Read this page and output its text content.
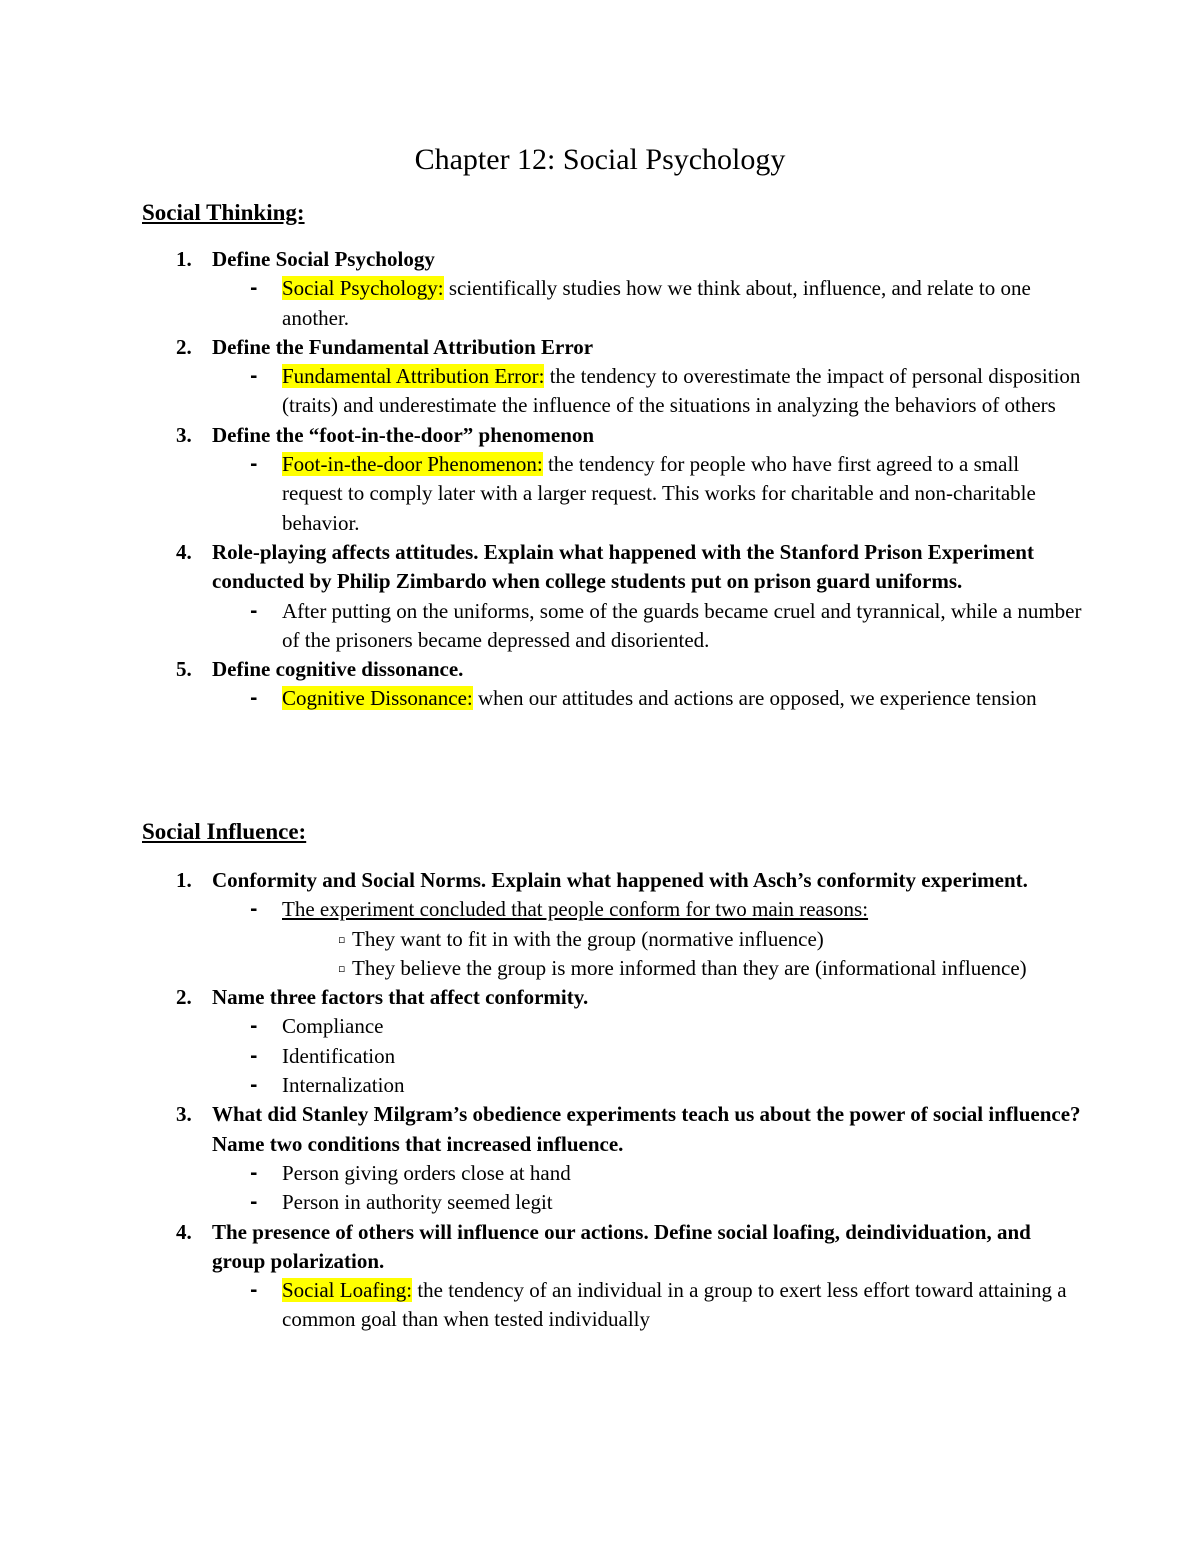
Chapter 12: Social Psychology
Social Thinking:
1. Define Social Psychology
- Social Psychology: scientifically studies how we think about, influence, and relate to one another.
2. Define the Fundamental Attribution Error
- Fundamental Attribution Error: the tendency to overestimate the impact of personal disposition (traits) and underestimate the influence of the situations in analyzing the behaviors of others
3. Define the “foot-in-the-door” phenomenon
- Foot-in-the-door Phenomenon: the tendency for people who have first agreed to a small request to comply later with a larger request. This works for charitable and non-charitable behavior.
4. Role-playing affects attitudes. Explain what happened with the Stanford Prison Experiment conducted by Philip Zimbardo when college students put on prison guard uniforms.
- After putting on the uniforms, some of the guards became cruel and tyrannical, while a number of the prisoners became depressed and disoriented.
5. Define cognitive dissonance.
- Cognitive Dissonance: when our attitudes and actions are opposed, we experience tension
Social Influence:
1. Conformity and Social Norms. Explain what happened with Asch’s conformity experiment.
- The experiment concluded that people conform for two main reasons:
▫ They want to fit in with the group (normative influence)
▫ They believe the group is more informed than they are (informational influence)
2. Name three factors that affect conformity.
- Compliance
- Identification
- Internalization
3. What did Stanley Milgram’s obedience experiments teach us about the power of social influence? Name two conditions that increased influence.
- Person giving orders close at hand
- Person in authority seemed legit
4. The presence of others will influence our actions. Define social loafing, deindividuation, and group polarization.
- Social Loafing: the tendency of an individual in a group to exert less effort toward attaining a common goal than when tested individually
